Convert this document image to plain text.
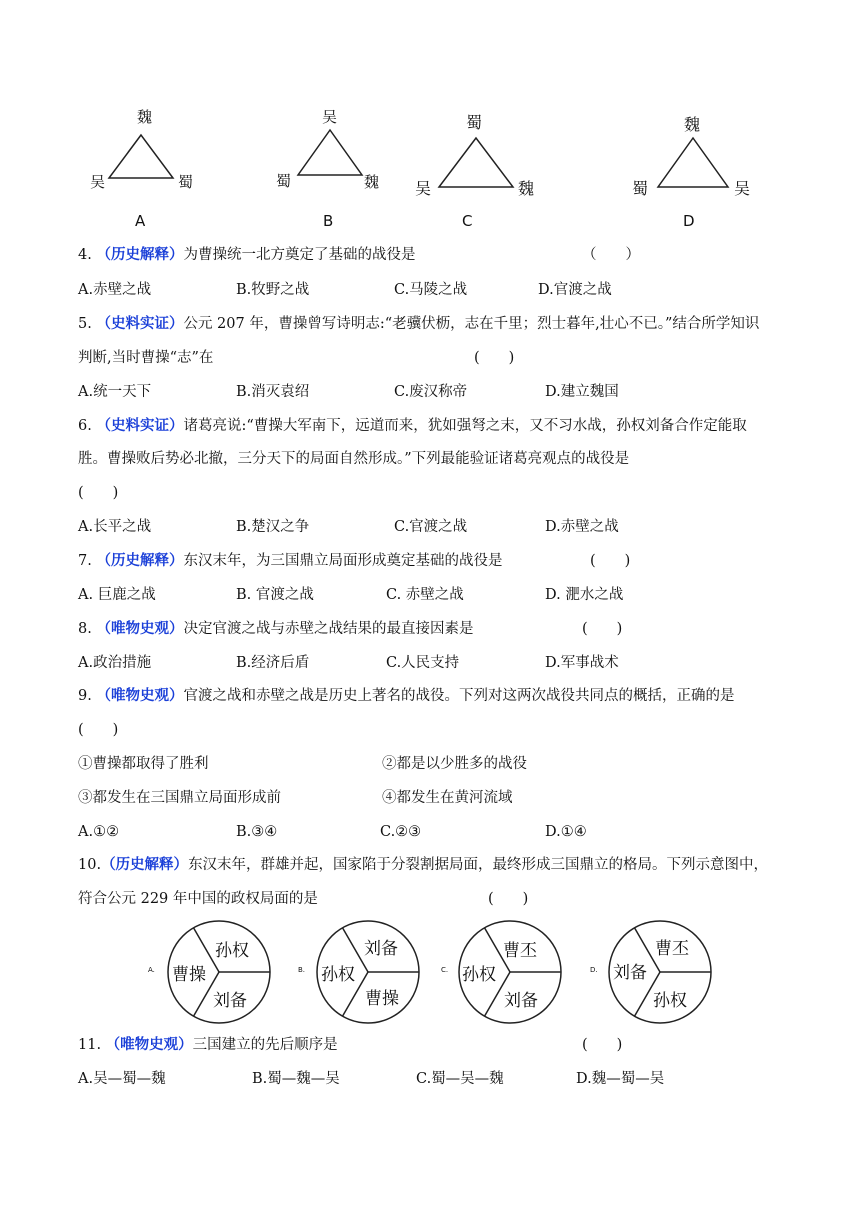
魏
吴	蜀
A
吴
蜀	魏
B
蜀
吴	魏
C
魏
蜀	吴
D
4. （历史解释）为曹操统一北方奠定了基础的战役是	（　　）
A.赤壁之战	B.牧野之战	C.马陵之战	D.官渡之战
5. （史料实证）公元 207 年，曹操曾写诗明志:“老骥伏枥，志在千里；烈士暮年,壮心不已。”结合所学知识
判断,当时曹操“志”在	(　　)
A.统一天下	B.消灭袁绍	C.废汉称帝	D.建立魏国
6. （史料实证）诸葛亮说:“曹操大军南下，远道而来，犹如强弩之末，又不习水战，孙权刘备合作定能取
胜。曹操败后势必北撤，三分天下的局面自然形成。”下列最能验证诸葛亮观点的战役是
(　　)
A.长平之战	B.楚汉之争	C.官渡之战	D.赤壁之战
7. （历史解释）东汉末年，为三国鼎立局面形成奠定基础的战役是	(　　)
A. 巨鹿之战	B. 官渡之战	C. 赤壁之战	D. 淝水之战
8. （唯物史观）决定官渡之战与赤壁之战结果的最直接因素是	(　　)
A.政治措施	B.经济后盾	C.人民支持	D.军事战术
9. （唯物史观）官渡之战和赤壁之战是历史上著名的战役。下列对这两次战役共同点的概括，正确的是
(　　)
①曹操都取得了胜利	②都是以少胜多的战役
③都发生在三国鼎立局面形成前	④都发生在黄河流域
A.①②	B.③④	C.②③	D.①④
10.（历史解释）东汉末年，群雄并起，国家陷于分裂割据局面，最终形成三国鼎立的格局。下列示意图中，
符合公元 229 年中国的政权局面的是	(　　)
A. 曹操
孙权
刘备
B. 孙权
刘备
曹操
C. 孙权
曹丕
刘备
D. 刘备
曹丕
孙权
11. （唯物史观）三国建立的先后顺序是	(　　)
A.吴—蜀—魏	B.蜀—魏—吴	C.蜀—吴—魏	D.魏—蜀—吴
